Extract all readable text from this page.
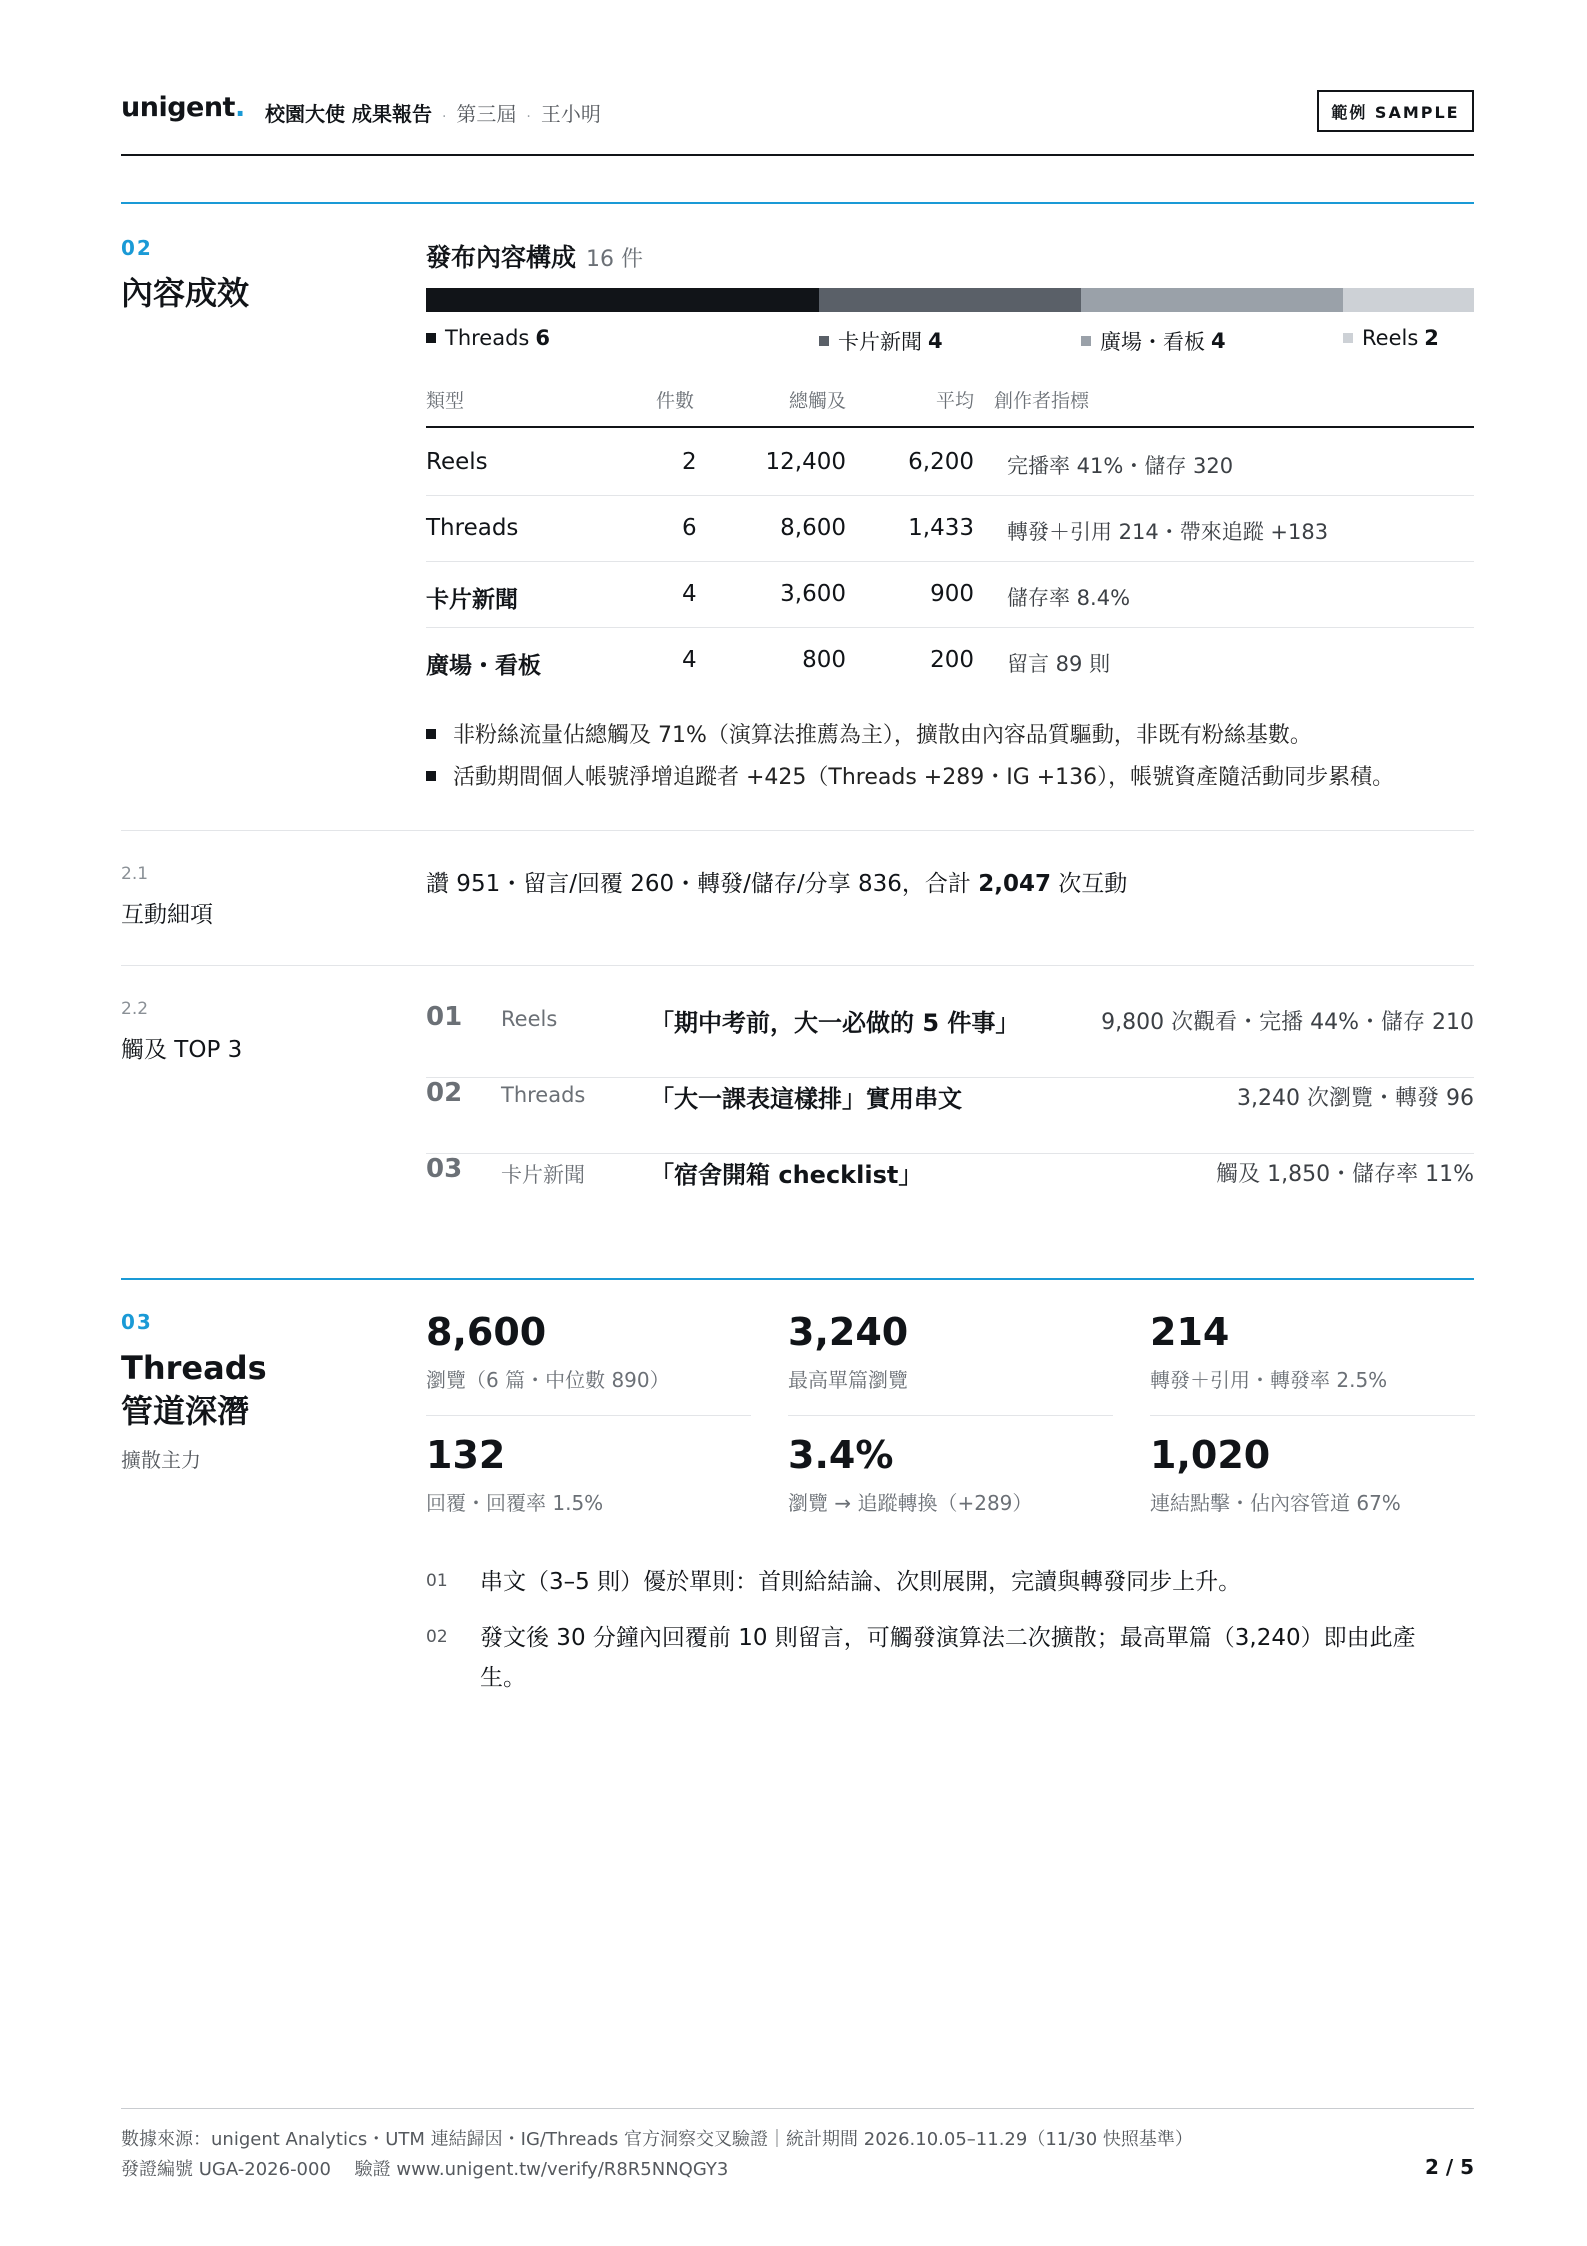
unigent. 校園大使 成果報告 · 第三屆 · 王小明	範例 SAMPLE
02
內容成效
發布內容構成 16 件
Threads 6	卡片新聞 4	廣場・看板 4	Reels 2
類型	件數	總觸及	平均 創作者指標
Reels	2	12,400	6,200 完播率 41%・儲存 320
Threads	6	8,600	1,433 轉發＋引用 214・帶來追蹤 +183
卡片新聞	4	3,600	900 儲存率 8.4%
廣場・看板	4	800	200 留言 89 則
非粉絲流量佔總觸及 71%（演算法推薦為主），擴散由內容品質驅動，非既有粉絲基數。
活動期間個人帳號淨增追蹤者 +425（Threads +289・IG +136），帳號資產隨活動同步累積。
2.1
互動細項
讚 951・留言/回覆 260・轉發/儲存/分享 836，合計 2,047 次互動
2.2
觸及 TOP 3
01 Reels	「期中考前，大一必做的 5 件事」	9,800 次觀看・完播 44%・儲存 210
02 Threads	「大一課表這樣排」實用串文	3,240 次瀏覽・轉發 96
03 卡片新聞	「宿舍開箱 checklist」	觸及 1,850・儲存率 11%
03
Threads
管道深潛
擴散主力
8,600
瀏覽（6 篇・中位數 890）
3,240
最高單篇瀏覽
214
轉發＋引用・轉發率 2.5%
132
回覆・回覆率 1.5%
3.4%
瀏覽 → 追蹤轉換（+289）
1,020
連結點擊・佔內容管道 67%
01 串文（3–5 則）優於單則：首則給結論、次則展開，完讀與轉發同步上升。
02 發文後 30 分鐘內回覆前 10 則留言，可觸發演算法二次擴散；最高單篇（3,240）即由此產生。
數據來源：unigent Analytics・UTM 連結歸因・IG/Threads 官方洞察交叉驗證｜統計期間 2026.10.05–11.29（11/30 快照基準）
發證編號 UGA-2026-000　 驗證 www.unigent.tw/verify/R8R5NNQGY3	2 / 5
